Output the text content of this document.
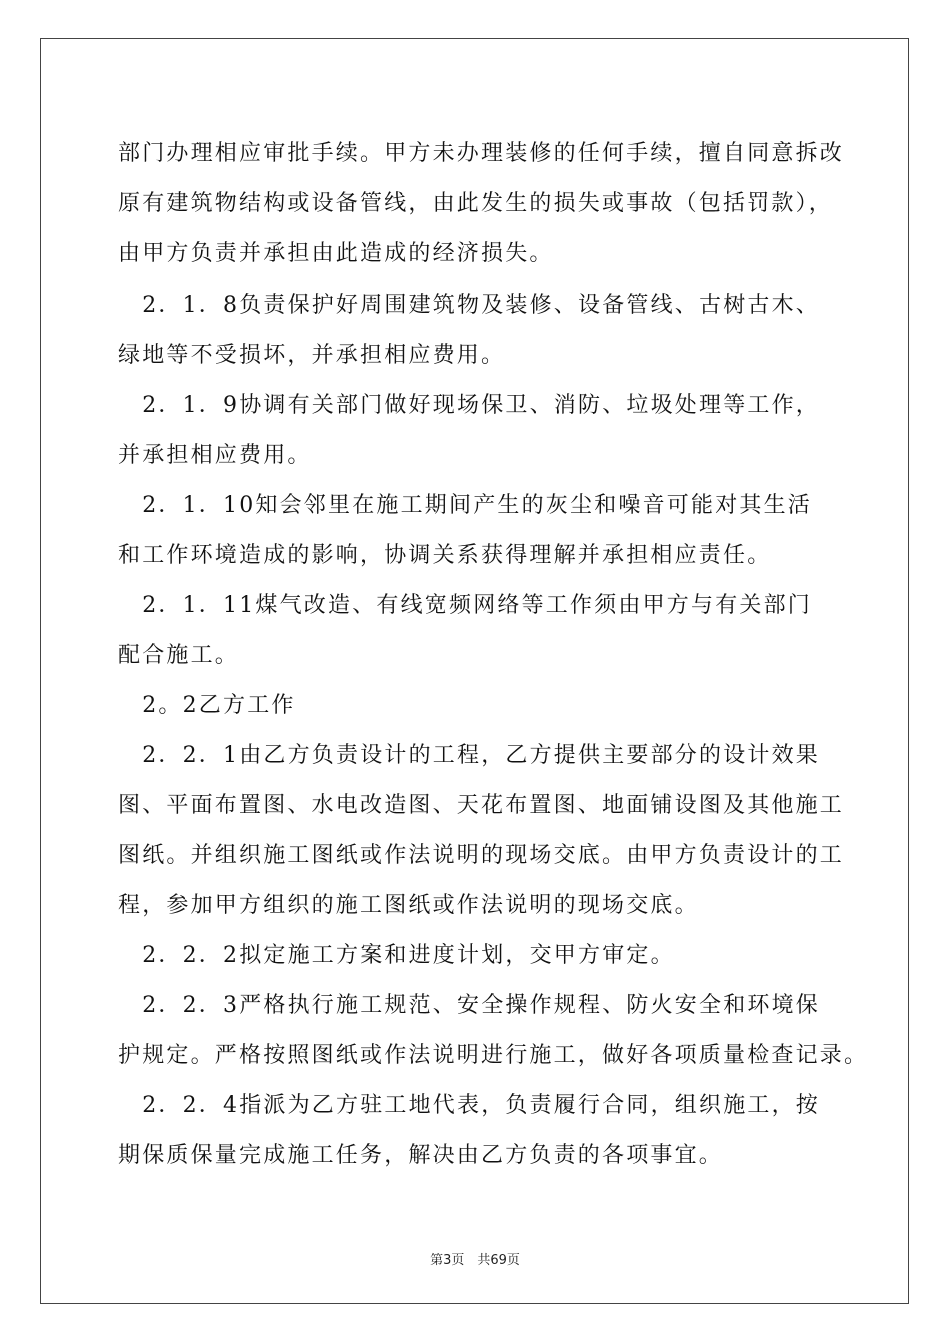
部门办理相应审批手续。甲方未办理装修的任何手续，擅自同意拆改

原有建筑物结构或设备管线，由此发生的损失或事故（包括罚款），

由甲方负责并承担由此造成的经济损失。

　2．1．8负责保护好周围建筑物及装修、设备管线、古树古木、

绿地等不受损坏，并承担相应费用。

　2．1．9协调有关部门做好现场保卫、消防、垃圾处理等工作，

并承担相应费用。

　2．1．10知会邻里在施工期间产生的灰尘和噪音可能对其生活

和工作环境造成的影响，协调关系获得理解并承担相应责任。

　2．1．11煤气改造、有线宽频网络等工作须由甲方与有关部门

配合施工。

　2。2乙方工作

　2．2．1由乙方负责设计的工程，乙方提供主要部分的设计效果

图、平面布置图、水电改造图、天花布置图、地面铺设图及其他施工

图纸。并组织施工图纸或作法说明的现场交底。由甲方负责设计的工

程，参加甲方组织的施工图纸或作法说明的现场交底。

　2．2．2拟定施工方案和进度计划，交甲方审定。

　2．2．3严格执行施工规范、安全操作规程、防火安全和环境保

护规定。严格按照图纸或作法说明进行施工，做好各项质量检查记录。

　2．2．4指派为乙方驻工地代表，负责履行合同，组织施工，按

期保质保量完成施工任务，解决由乙方负责的各项事宜。

第3页　共69页
